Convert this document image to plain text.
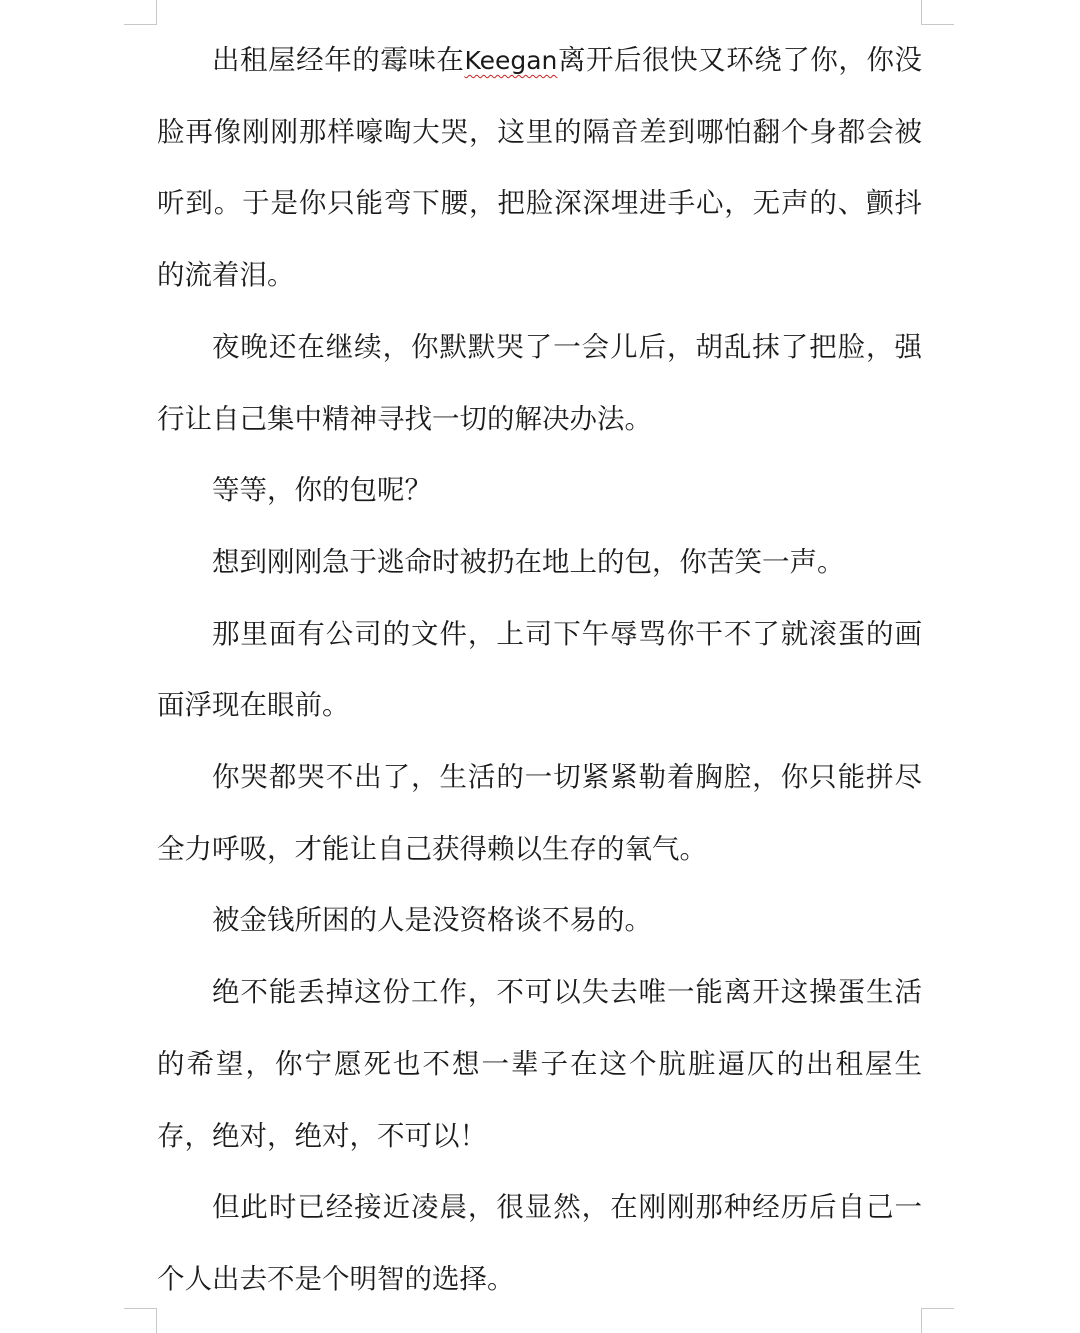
出租屋经年的霉味在Keegan离开后很快又环绕了你，你没脸再像刚刚那样嚎啕大哭，这里的隔音差到哪怕翻个身都会被听到。于是你只能弯下腰，把脸深深埋进手心，无声的、颤抖的流着泪。

夜晚还在继续，你默默哭了一会儿后，胡乱抹了把脸，强行让自己集中精神寻找一切的解决办法。

等等，你的包呢？

想到刚刚急于逃命时被扔在地上的包，你苦笑一声。

那里面有公司的文件，上司下午辱骂你干不了就滚蛋的画面浮现在眼前。

你哭都哭不出了，生活的一切紧紧勒着胸腔，你只能拼尽全力呼吸，才能让自己获得赖以生存的氧气。

被金钱所困的人是没资格谈不易的。

绝不能丢掉这份工作，不可以失去唯一能离开这操蛋生活的希望，你宁愿死也不想一辈子在这个肮脏逼仄的出租屋生存，绝对，绝对，不可以！

但此时已经接近凌晨，很显然，在刚刚那种经历后自己一个人出去不是个明智的选择。
